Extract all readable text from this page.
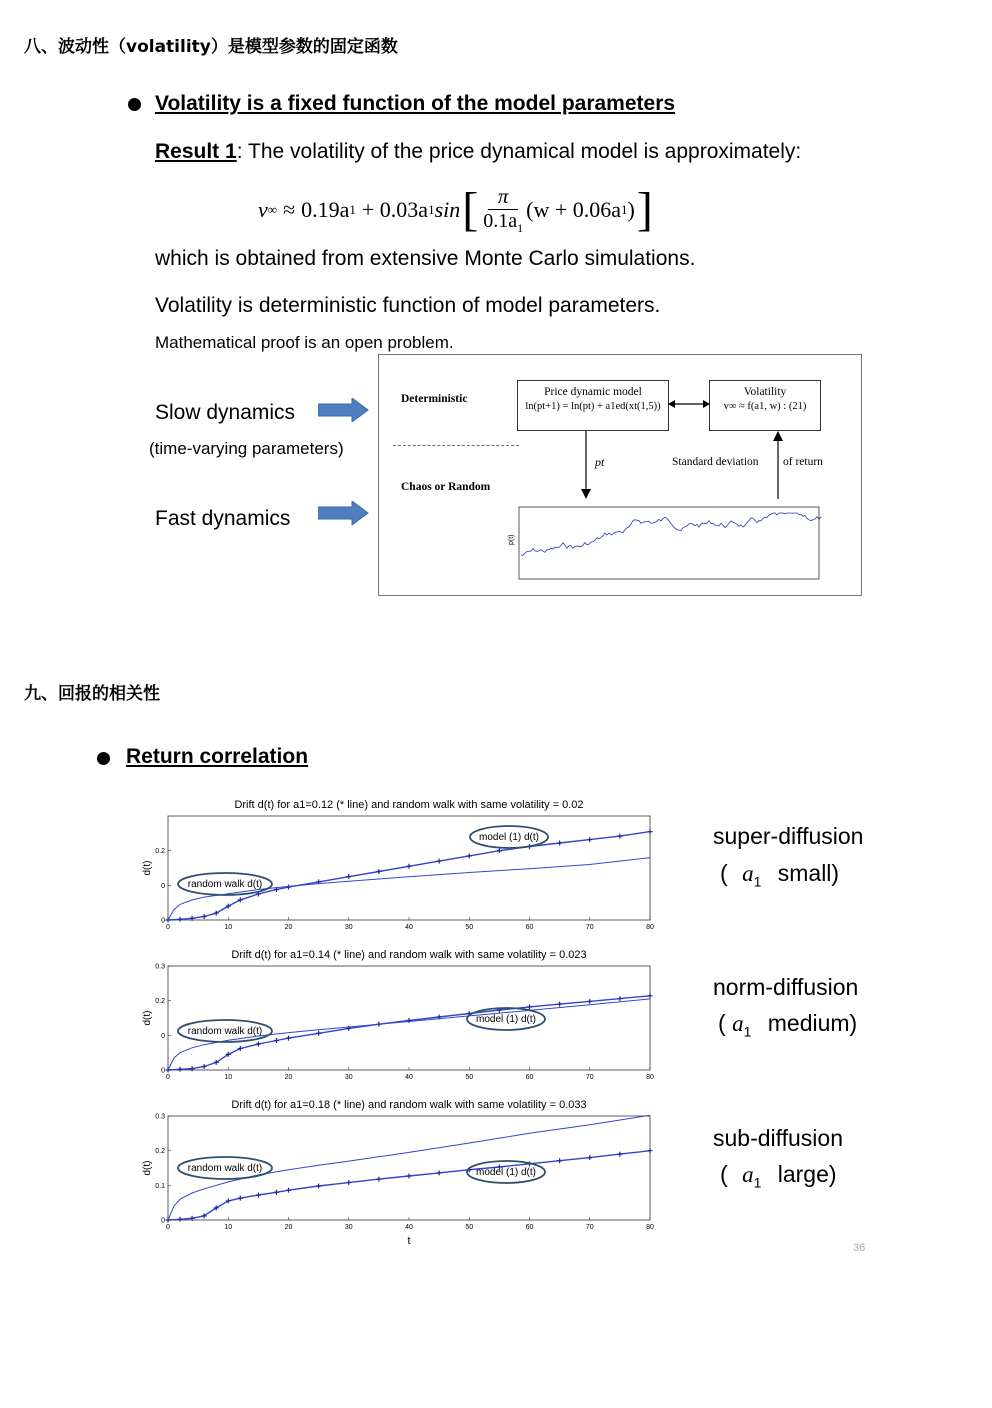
八、波动性（volatility）是模型参数的固定函数
Volatility is a fixed function of the model parameters
Result 1: The volatility of the price dynamical model is approximately:
v ∞ ≈ 0.19a 1 + 0.03a 1 sin [ $\frac{\pi}{0.1a_1} (w + 0.06a$ 1 ) ]
which is obtained from extensive Monte Carlo simulations.
Volatility is deterministic function of model parameters.
Mathematical proof is an open problem.
Slow dynamics
(time-varying parameters)
Fast dynamics
Deterministic
Chaos or Random
Price dynamic model
ln(pt+1) = ln(pt) + a1ed(xt(1,5))
Volatility
v∞ ≈ f(a1, w) : (21)
pt	Standard deviation of return
p(t)
九、回报的相关性
Return correlation
Drift d(t) for a1=0.12 (* line) and random walk with same volatility = 0.02
0	10	20	30	40	50	60	70	80
0
0
0.2
d(t)
model (1) d(t)
random walk d(t)
Drift d(t) for a1=0.14 (* line) and random walk with same volatility = 0.023
0	10	20	30	40	50	60	70	80
0
0
0.2
0.3
d(t)
random walk d(t)
model (1) d(t)
Drift d(t) for a1=0.18 (* line) and random walk with same volatility = 0.033
0	10	20	30	40	50	60	70	80
0
0.1
0.2
0.3
d(t)
t
random walk d(t)	model (1) d(t)
super-diffusion
( $a_1$ small)
norm-diffusion
( $a_1$ medium)
sub-diffusion
( $a_1$ large)
36
